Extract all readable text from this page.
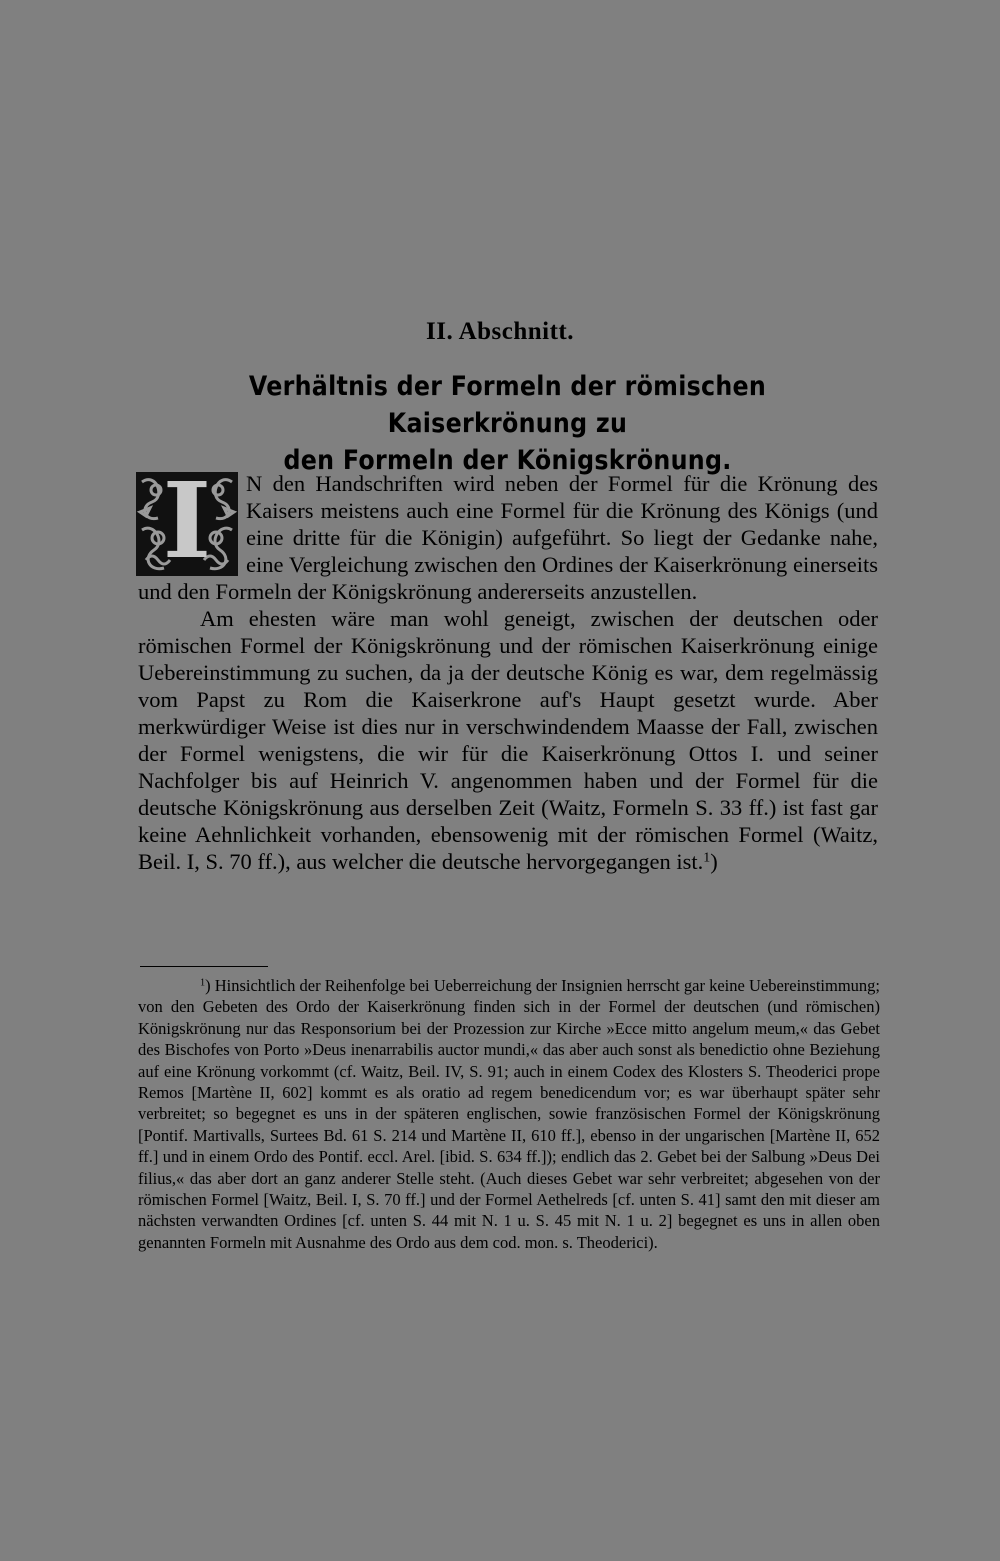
II. Abschnitt.
Verhältnis der Formeln der römischen Kaiserkrönung zu
den Formeln der Königskrönung.
I	N den Handschriften wird neben der Formel für die Krönung des Kaisers meistens auch eine Formel für die Krönung des Königs (und eine dritte für die Königin) aufgeführt. So liegt der Gedanke nahe, eine Vergleichung zwischen den Ordines der Kaiserkrönung einerseits und den Formeln der Königskrönung andererseits anzustellen.

Am ehesten wäre man wohl geneigt, zwischen der deutschen oder römischen Formel der Königskrönung und der römischen Kaiserkrönung einige Uebereinstimmung zu suchen, da ja der deutsche König es war, dem regelmässig vom Papst zu Rom die Kaiserkrone auf's Haupt gesetzt wurde. Aber merkwürdiger Weise ist dies nur in verschwindendem Maasse der Fall, zwischen der Formel wenigstens, die wir für die Kaiserkrönung Ottos I. und seiner Nachfolger bis auf Heinrich V. angenommen haben und der Formel für die deutsche Königskrönung aus derselben Zeit (Waitz, Formeln S. 33 ff.) ist fast gar keine Aehnlichkeit vorhanden, ebensowenig mit der römischen Formel (Waitz, Beil. I, S. 70 ff.), aus welcher die deutsche hervorgegangen ist.$^1$)

$^1$) Hinsichtlich der Reihenfolge bei Ueberreichung der Insignien herrscht gar keine Uebereinstimmung; von den Gebeten des Ordo der Kaiserkrönung finden sich in der Formel der deutschen (und römischen) Königskrönung nur das Responsorium bei der Prozession zur Kirche »Ecce mitto angelum meum,« das Gebet des Bischofes von Porto »Deus inenarrabilis auctor mundi,« das aber auch sonst als benedictio ohne Beziehung auf eine Krönung vorkommt (cf. Waitz, Beil. IV, S. 91; auch in einem Codex des Klosters S. Theoderici prope Remos [Martène II, 602] kommt es als oratio ad regem benedicendum vor; es war überhaupt später sehr verbreitet; so begegnet es uns in der späteren englischen, sowie französischen Formel der Königskrönung [Pontif. Martivalls, Surtees Bd. 61 S. 214 und Martène II, 610 ff.], ebenso in der ungarischen [Martène II, 652 ff.] und in einem Ordo des Pontif. eccl. Arel. [ibid. S. 634 ff.]); endlich das 2. Gebet bei der Salbung »Deus Dei filius,« das aber dort an ganz anderer Stelle steht. (Auch dieses Gebet war sehr verbreitet; abgesehen von der römischen Formel [Waitz, Beil. I, S. 70 ff.] und der Formel Aethelreds [cf. unten S. 41] samt den mit dieser am nächsten verwandten Ordines [cf. unten S. 44 mit N. 1 u. S. 45 mit N. 1 u. 2] begegnet es uns in allen oben genannten Formeln mit Ausnahme des Ordo aus dem cod. mon. s. Theoderici).
